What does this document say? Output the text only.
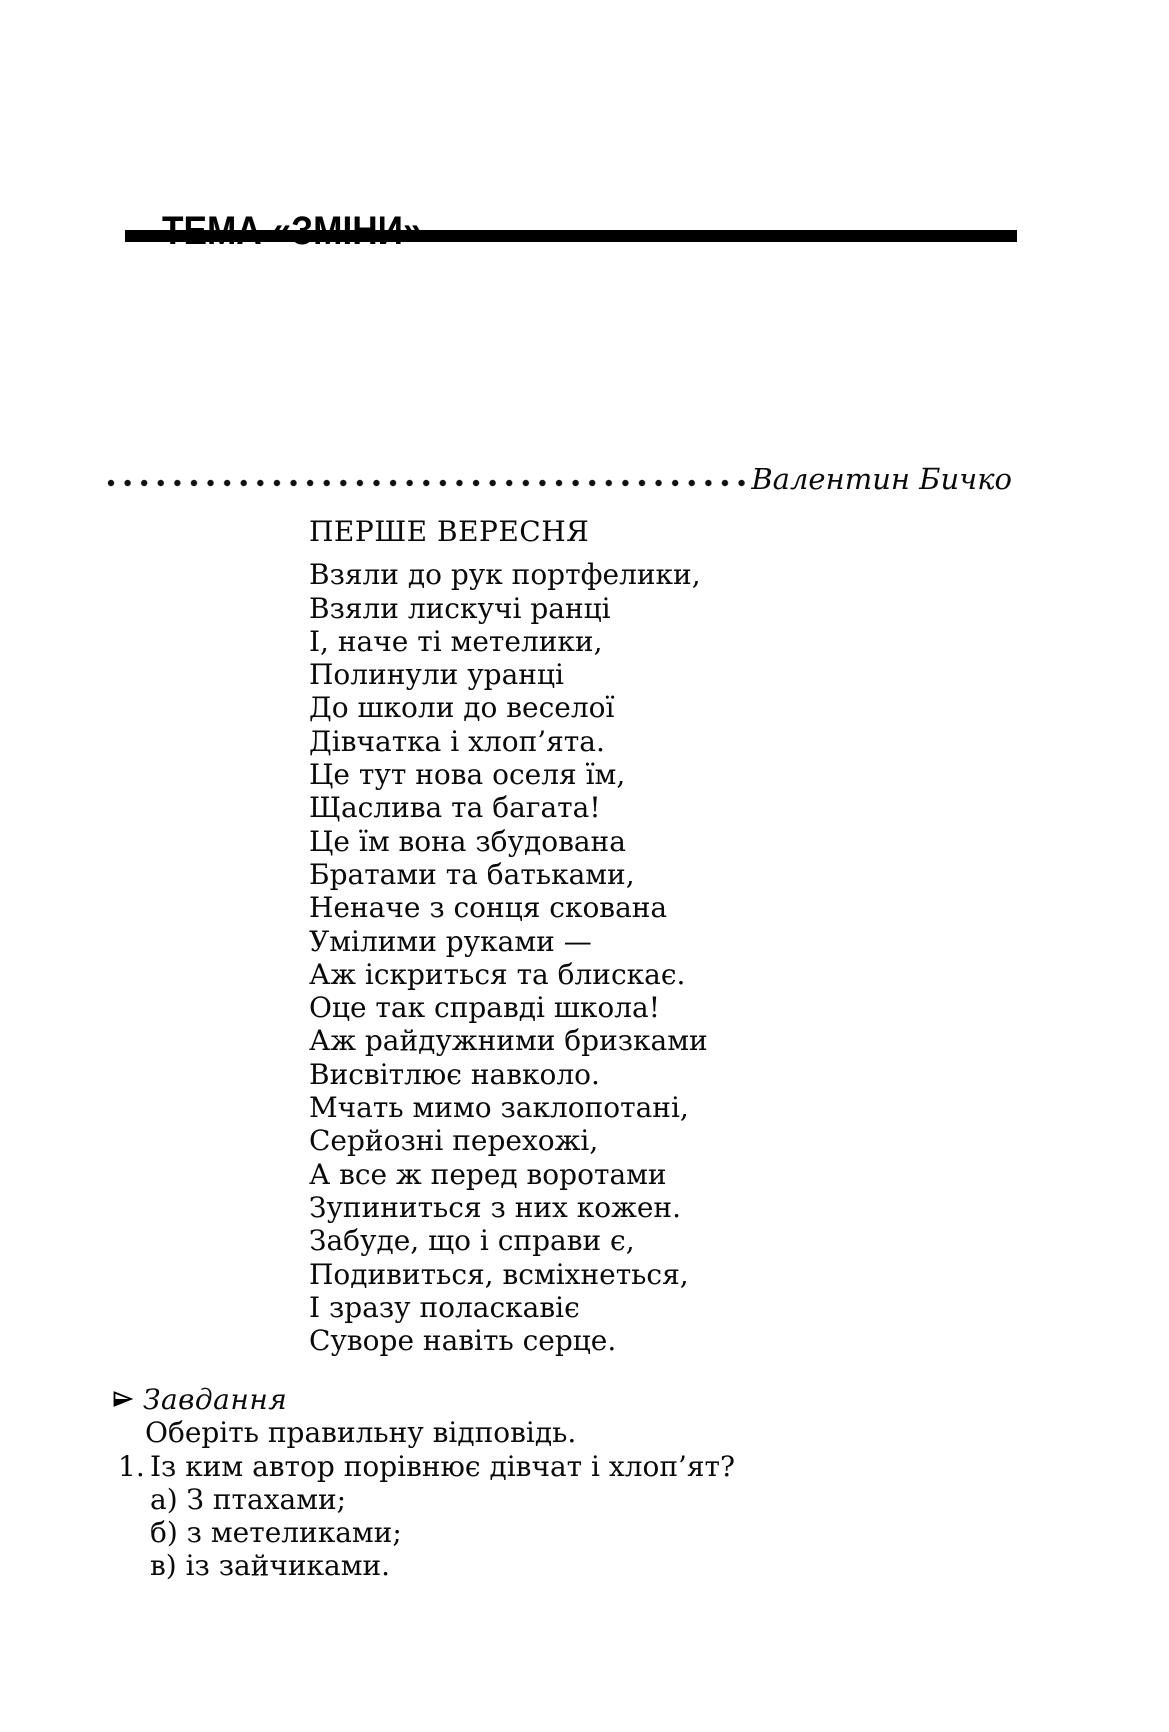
Валентин Бичко
ПЕРШЕ ВЕРЕСНЯ
Взяли до рук портфелики,
Взяли лискучі ранці
І, наче ті метелики,
Полинули уранці
До школи до веселої
Дівчатка і хлоп’ята.
Це тут нова оселя їм,
Щаслива та багата!
Це їм вона збудована
Братами та батьками,
Неначе з сонця скована
Умілими руками —
Аж іскриться та блискає.
Оце так справді школа!
Аж райдужними бризками
Висвітлює навколо.
Мчать мимо заклопотані,
Серйозні перехожі,
А все ж перед воротами
Зупиниться з них кожен.
Забуде, що і справи є,
Подивиться, всміхнеться,
І зразу поласкавіє
Суворе навіть серце.
Завдання
Оберіть правильну відповідь.
1. Із ким автор порівнює дівчат і хлоп’ят?
а) З птахами;
б) з метеликами;
в) із зайчиками.
